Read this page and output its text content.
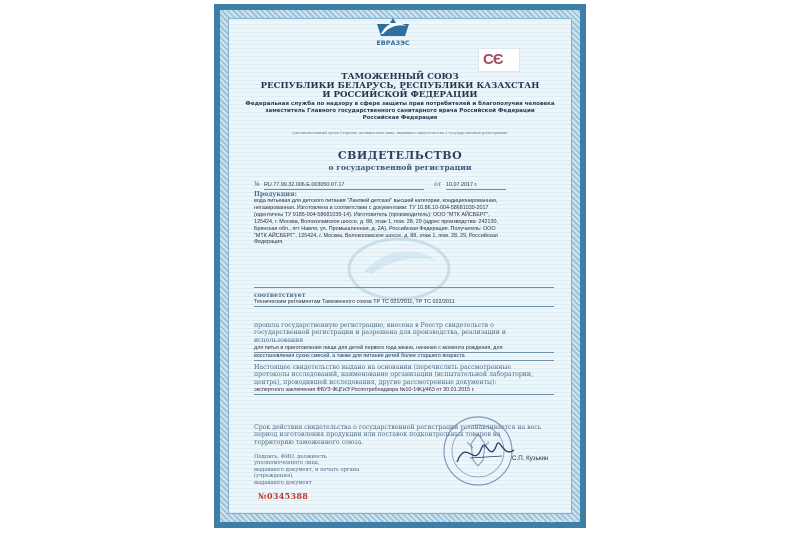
ЕВРАЗЭС
СЄ
ТАМОЖЕННЫЙ СОЮЗ
РЕСПУБЛИКИ БЕЛАРУСЬ, РЕСПУБЛИКИ КАЗАХСТАН
И РОССИЙСКОЙ ФЕДЕРАЦИИ
Федеральная служба по надзору в сфере защиты прав потребителей и благополучия человека
заместитель Главного государственного санитарного врача Российской Федерации
Российская Федерация
(уполномоченный орган Стороны, должностное лицо, выдавшее свидетельство о государственной регистрации)
СВИДЕТЕЛЬСТВО
о государственной регистрации
№ RU.77.99.32.006.Е.003050.07.17	от 10.07.2017 г.
Продукция:
вода питьевая для детского питания "Лангвей детская" высшей категории, кондиционированная,
негазированная. Изготовлена в соответствии с документами: ТУ 10.86.10-004-58681039-2017
(идентичны ТУ 9185-004-58681039-14). Изготовитель (производитель): ООО "МТК АЙСБЕРГ",
125424, г. Москва, Волоколамское шоссе, д. 88, этаж 1, пом. 28, 29 (адрес производства: 242130,
Брянская обл., пгт Навля, ул. Промышленная, д. 2А), Российская Федерация. Получатель: ООО
"МТК АЙСБЕРГ", 125424, г. Москва, Волоколамское шоссе, д. 88, этаж 1, пом. 28, 29, Российская
Федерация.
соответствует
Техническим регламентам Таможенного союза ТР ТС 021/2011, ТР ТС 022/2011
прошла государственную регистрацию, внесена в Реестр свидетельств о
государственной регистрации и разрешена для производства, реализации и
использования
для питья и приготовления пищи для детей первого года жизни, начиная с момента рождения, для
восстановления сухих смесей, а также для питания детей более старшего возраста
Настоящее свидетельство выдано на основании (перечислить рассмотренные
протоколы исследований, наименование организации (испытательной лаборатории,
центра), проводившей исследования, другие рассмотренные документы):
экспертного заключения ФБУЗ ФЦГиЭ Роспотребнадзора №10-1ФЦ/463 от 30.01.2015 г.
Срок действия свидетельства о государственной регистрации устанавливается на весь
период изготовления продукции или поставок подконтрольных товаров на
территорию таможенного союза.
Подпись, ФИО, должность уполномоченного лица,
выдавшего документ, и печать органа (учреждения),
выдавшего документ
С.П. Кузькин
№0345388
© ООО «Первый печатный двор», г. Москва, 2016 г., уровень «В»
